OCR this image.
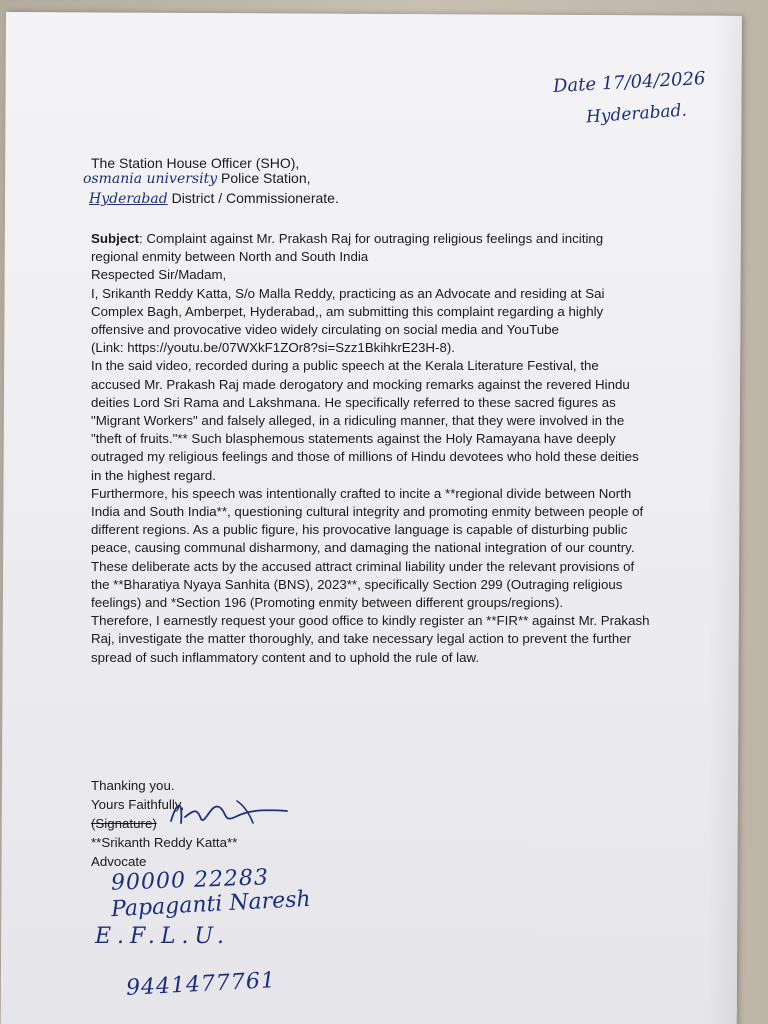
Date 17/04/2026
Hyderabad.
The Station House Officer (SHO),
osmania university Police Station,
Hyderabad District / Commissionerate.

Subject: Complaint against Mr. Prakash Raj for outraging religious feelings and inciting regional enmity between North and South India

Respected Sir/Madam,

I, Srikanth Reddy Katta, S/o Malla Reddy, practicing as an Advocate and residing at Sai Complex Bagh, Amberpet, Hyderabad,, am submitting this complaint regarding a highly offensive and provocative video widely circulating on social media and YouTube

(Link: https://youtu.be/07WXkF1ZOr8?si=Szz1BkihkrE23H-8).

In the said video, recorded during a public speech at the Kerala Literature Festival, the accused Mr. Prakash Raj made derogatory and mocking remarks against the revered Hindu deities Lord Sri Rama and Lakshmana. He specifically referred to these sacred figures as "Migrant Workers" and falsely alleged, in a ridiculing manner, that they were involved in the "theft of fruits."** Such blasphemous statements against the Holy Ramayana have deeply outraged my religious feelings and those of millions of Hindu devotees who hold these deities in the highest regard.

Furthermore, his speech was intentionally crafted to incite a **regional divide between North India and South India**, questioning cultural integrity and promoting enmity between people of different regions. As a public figure, his provocative language is capable of disturbing public peace, causing communal disharmony, and damaging the national integration of our country.

These deliberate acts by the accused attract criminal liability under the relevant provisions of the **Bharatiya Nyaya Sanhita (BNS), 2023**, specifically Section 299 (Outraging religious feelings) and *Section 196 (Promoting enmity between different groups/regions).

Therefore, I earnestly request your good office to kindly register an **FIR** against Mr. Prakash Raj, investigate the matter thoroughly, and take necessary legal action to prevent the further spread of such inflammatory content and to uphold the rule of law.

Thanking you.

Yours Faithfully,

(Signature)

**Srikanth Reddy Katta**

Advocate

90000 22283
Papaganti Naresh
E.F.L.U.
9441477761
